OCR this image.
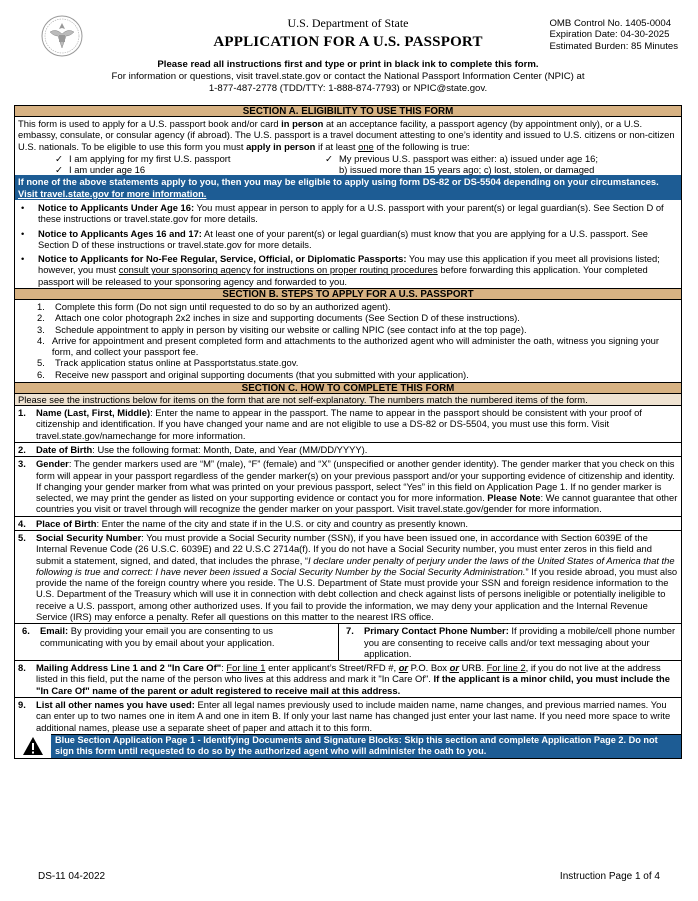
U.S. Department of State
APPLICATION FOR A U.S. PASSPORT
OMB Control No. 1405-0004
Expiration Date: 04-30-2025
Estimated Burden: 85 Minutes
Please read all instructions first and type or print in black ink to complete this form.
For information or questions, visit travel.state.gov or contact the National Passport Information Center (NPIC) at
1-877-487-2778 (TDD/TTY: 1-888-874-7793) or NPIC@state.gov.
SECTION A. ELIGIBILITY TO USE THIS FORM
This form is used to apply for a U.S. passport book and/or card in person at an acceptance facility, a passport agency (by appointment only), or a U.S. embassy, consulate, or consular agency (if abroad). The U.S. passport is a travel document attesting to one’s identity and issued to U.S. citizens or non-citizen U.S. nationals. To be eligible to use this form you must apply in person if at least one of the following is true:
✓ I am applying for my first U.S. passport
✓ I am under age 16
✓ My previous U.S. passport was either: a) issued under age 16;
b) issued more than 15 years ago; c) lost, stolen, or damaged
If none of the above statements apply to you, then you may be eligible to apply using form DS-82 or DS-5504 depending on your circumstances. Visit travel.state.gov for more information.
•	Notice to Applicants Under Age 16: You must appear in person to apply for a U.S. passport with your parent(s) or legal guardian(s). See Section D of these instructions or travel.state.gov for more details.
•	Notice to Applicants Ages 16 and 17: At least one of your parent(s) or legal guardian(s) must know that you are applying for a U.S. passport. See Section D of these instructions or travel.state.gov for more details.
•	Notice to Applicants for No-Fee Regular, Service, Official, or Diplomatic Passports: You may use this application if you meet all provisions listed; however, you must consult your sponsoring agency for instructions on proper routing procedures before forwarding this application. Your completed passport will be released to your sponsoring agency and forwarded to you.
SECTION B. STEPS TO APPLY FOR A U.S. PASSPORT
1.	Complete this form (Do not sign until requested to do so by an authorized agent).
2.	Attach one color photograph 2x2 inches in size and supporting documents (See Section D of these instructions).
3.	Schedule appointment to apply in person by visiting our website or calling NPIC (see contact info at the top page).
4. Arrive for appointment and present completed form and attachments to the authorized agent who will administer the oath, witness you signing your form, and collect your passport fee.
5.	Track application status online at Passportstatus.state.gov.
6.	Receive new passport and original supporting documents (that you submitted with your application).
SECTION C. HOW TO COMPLETE THIS FORM
Please see the instructions below for items on the form that are not self-explanatory. The numbers match the numbered items of the form.
1.	Name (Last, First, Middle): Enter the name to appear in the passport. The name to appear in the passport should be consistent with your proof of citizenship and identification. If you have changed your name and are not eligible to use a DS-82 or DS-5504, you must use this form. Visit travel.state.gov/namechange for more information.
2.	Date of Birth: Use the following format: Month, Date, and Year (MM/DD/YYYY).
3.	Gender: The gender markers used are “M” (male), “F” (female) and “X” (unspecified or another gender identity). The gender marker that you check on this form will appear in your passport regardless of the gender marker(s) on your previous passport and/or your supporting evidence of citizenship and identity. If changing your gender marker from what was printed on your previous passport, select “Yes” in this field on Application Page 1. If no gender marker is selected, we may print the gender as listed on your supporting evidence or contact you for more information. Please Note: We cannot guarantee that other countries you visit or travel through will recognize the gender marker on your passport. Visit travel.state.gov/gender for more information.
4.	Place of Birth: Enter the name of the city and state if in the U.S. or city and country as presently known.
5.	Social Security Number: You must provide a Social Security number (SSN), if you have been issued one, in accordance with Section 6039E of the Internal Revenue Code (26 U.S.C. 6039E) and 22 U.S.C 2714a(f). If you do not have a Social Security number, you must enter zeros in this field and submit a statement, signed, and dated, that includes the phrase, “I declare under penalty of perjury under the laws of the United States of America that the following is true and correct: I have never been issued a Social Security Number by the Social Security Administration.” If you reside abroad, you must also provide the name of the foreign country where you reside. The U.S. Department of State must provide your SSN and foreign residence information to the U.S. Department of the Treasury which will use it in connection with debt collection and check against lists of persons ineligible or potentially ineligible to receive a U.S. passport, among other authorized uses. If you fail to provide the information, we may deny your application and the Internal Revenue Service (IRS) may enforce a penalty. Refer all questions on this matter to the nearest IRS office.
6.	Email: By providing your email you are consenting to us communicating with you by email about your application.
7.	Primary Contact Phone Number: If providing a mobile/cell phone number you are consenting to receive calls and/or text messaging about your application.
8.	Mailing Address Line 1 and 2 "In Care Of": For line 1 enter applicant’s Street/RFD #, or P.O. Box or URB. For line 2, if you do not live at the address listed in this field, put the name of the person who lives at this address and mark it "In Care Of". If the applicant is a minor child, you must include the "In Care Of" name of the parent or adult registered to receive mail at this address.
9.	List all other names you have used: Enter all legal names previously used to include maiden name, name changes, and previous married names. You can enter up to two names one in item A and one in item B. If only your last name has changed just enter your last name. If you need more space to write additional names, please use a separate sheet of paper and attach it to this form.
Blue Section Application Page 1 - Identifying Documents and Signature Blocks: Skip this section and complete Application Page 2. Do not sign this form until requested to do so by the authorized agent who will administer the oath to you.
DS-11 04-2022	Instruction Page 1 of 4
